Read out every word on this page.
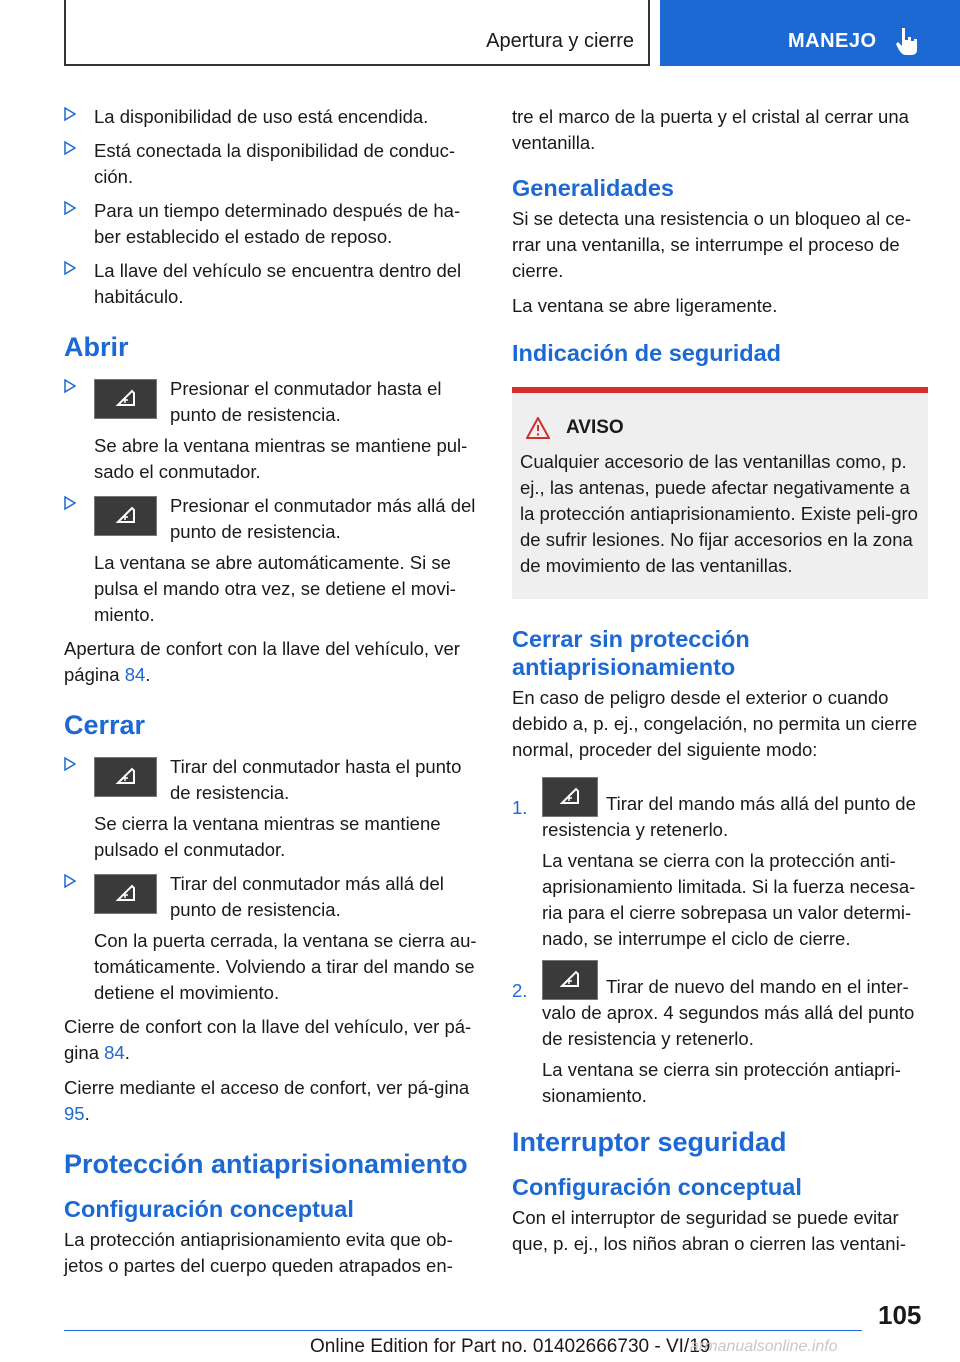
Apertura y cierre	MANEJO
La disponibilidad de uso está encendida.
Está conectada la disponibilidad de conduc-ción.
Para un tiempo determinado después de ha-ber establecido el estado de reposo.
La llave del vehículo se encuentra dentro del habitáculo.
Abrir
Presionar el conmutador hasta el punto de resistencia.

Se abre la ventana mientras se mantiene pul-sado el conmutador.

Presionar el conmutador más allá del punto de resistencia.

La ventana se abre automáticamente. Si se pulsa el mando otra vez, se detiene el movi-miento.

Apertura de confort con la llave del vehículo, ver página 84.

Cerrar
Tirar del conmutador hasta el punto de resistencia.

Se cierra la ventana mientras se mantiene pulsado el conmutador.

Tirar del conmutador más allá del punto de resistencia.

Con la puerta cerrada, la ventana se cierra au-tomáticamente. Volviendo a tirar del mando se detiene el movimiento.

Cierre de confort con la llave del vehículo, ver pá-gina 84.

Cierre mediante el acceso de confort, ver pá-gina 95.

Protección antiaprisionamiento
Configuración conceptual

La protección antiaprisionamiento evita que ob-jetos o partes del cuerpo queden atrapados en-

tre el marco de la puerta y el cristal al cerrar una ventanilla.

Generalidades

Si se detecta una resistencia o un bloqueo al ce-rrar una ventanilla, se interrumpe el proceso de cierre.

La ventana se abre ligeramente.

Indicación de seguridad
AVISO

Cualquier accesorio de las ventanillas como, p. ej., las antenas, puede afectar negativamente a la protección antiaprisionamiento. Existe peli-gro de sufrir lesiones. No fijar accesorios en la zona de movimiento de las ventanillas.

Cerrar sin protección antiaprisionamiento

En caso de peligro desde el exterior o cuando debido a, p. ej., congelación, no permita un cierre normal, proceder del siguiente modo:

1.	Tirar del mando más allá del punto de resistencia y retenerlo.

La ventana se cierra con la protección anti-aprisionamiento limitada. Si la fuerza necesa-ria para el cierre sobrepasa un valor determi-nado, se interrumpe el ciclo de cierre.

2.	Tirar de nuevo del mando en el inter-valo de aprox. 4 segundos más allá del punto de resistencia y retenerlo.

La ventana se cierra sin protección antiapri-sionamiento.

Interruptor seguridad
Configuración conceptual

Con el interruptor de seguridad se puede evitar que, p. ej., los niños abran o cierren las ventani-

105
Online Edition for Part no. 01402666730 - VI/19
armanualsonline.info
